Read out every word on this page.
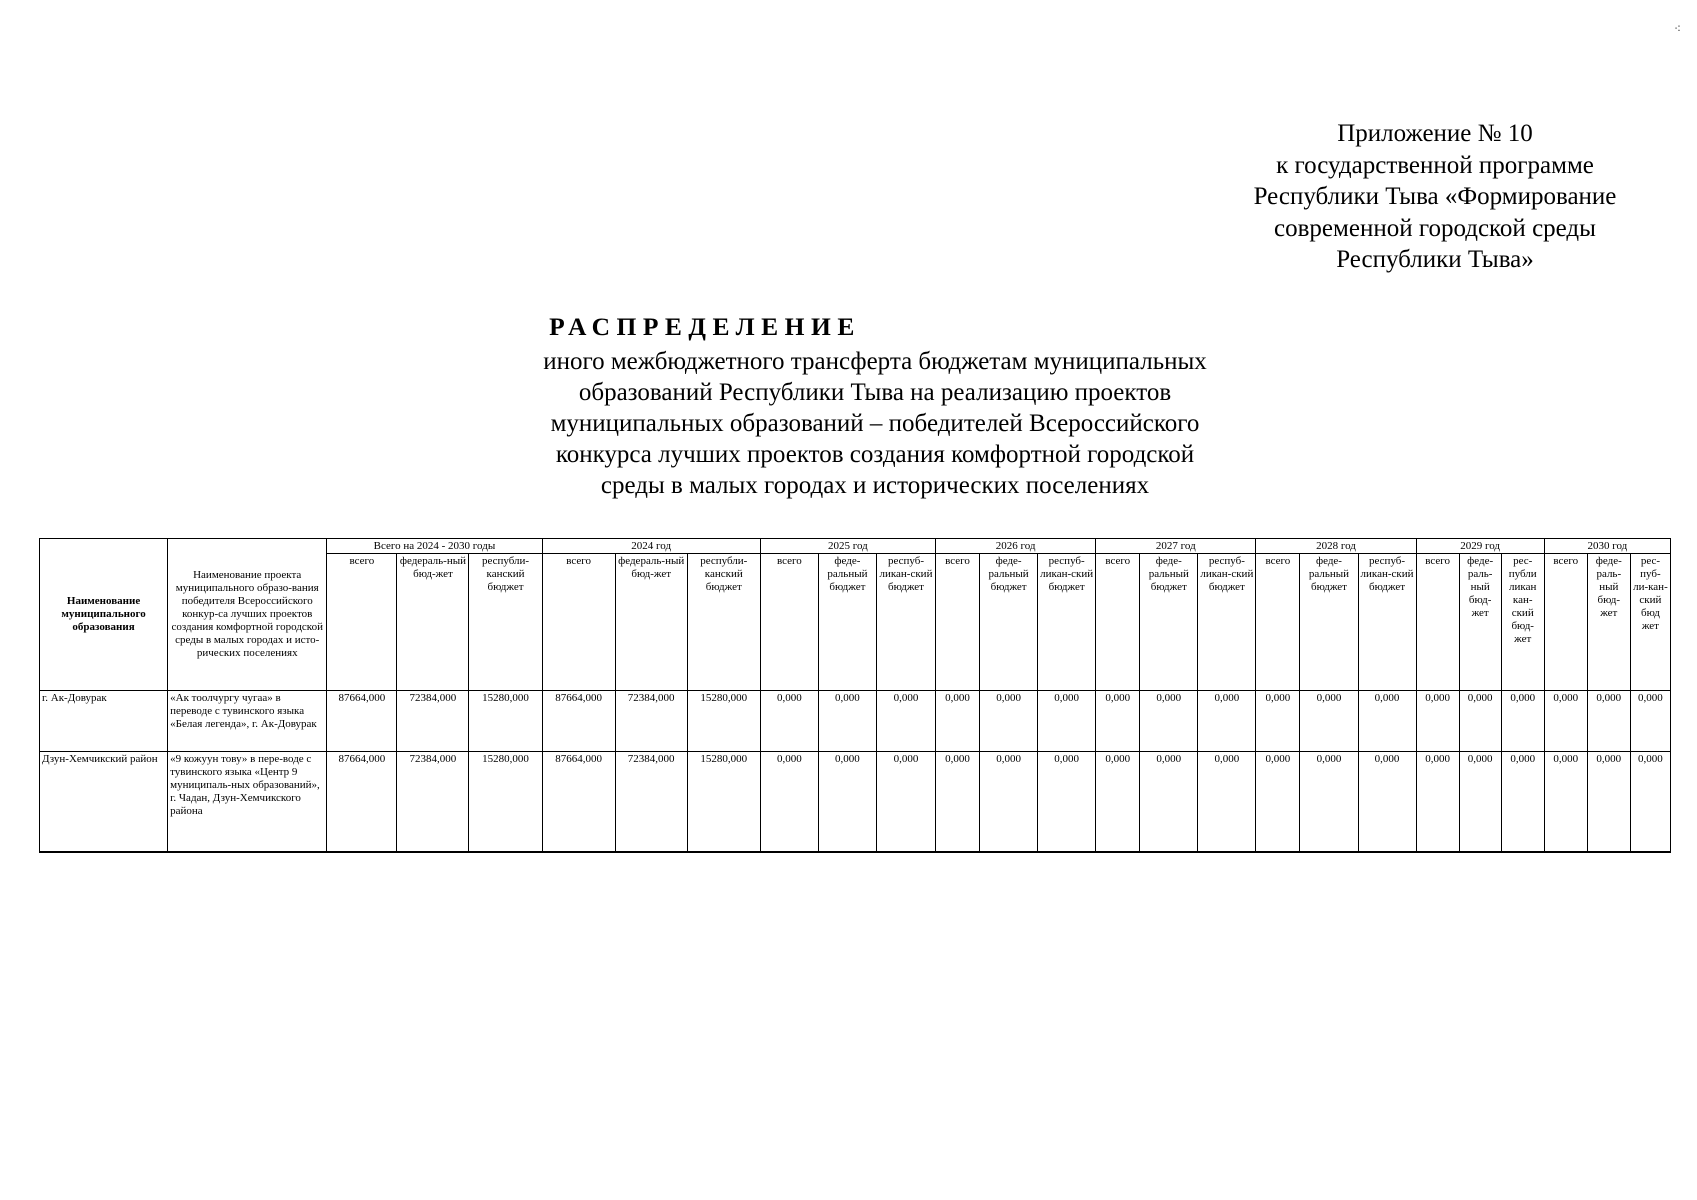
⁖
Приложение № 10
к государственной программе
Республики Тыва «Формирование
современной городской среды
Республики Тыва»
РАСПРЕДЕЛЕНИЕ
иного межбюджетного трансферта бюджетам муниципальных
образований Республики Тыва на реализацию проектов
муниципальных образований – победителей Всероссийского
конкурса лучших проектов создания комфортной городской
среды в малых городах и исторических поселениях
Наименование муниципального образования	Наименование проекта муниципального образо-вания победителя Всероссийского конкур-са лучших проектов создания комфортной городской среды в малых городах и исто-рических поселениях	Всего на 2024 - 2030 годы			2024 год			2025 год			2026 год			2027 год			2028 год			2029 год			2030 год		
		всего	федераль-ный бюд-жет	республи-канский бюджет	всего	федераль-ный бюд-жет	республи-канский бюджет	всего	феде-ральный бюджет	респуб-ликан-ский бюджет	всего	феде-ральный бюджет	респуб-ликан-ский бюджет	всего	феде-ральный бюджет	респуб-ликан-ский бюджет	всего	феде-ральный бюджет	респуб-ликан-ский бюджет	всего	феде-раль-ный бюд-жет	рес-публи ликан кан-ский бюд-жет	всего	феде-раль-ный бюд-жет	рес-пуб-ли-кан-ский бюд жет
г. Ак-Довурак	«Ак тоолчургу чугаа» в переводе с тувинского языка «Белая легенда», г. Ак-Довурак	87664,000	72384,000	15280,000	87664,000	72384,000	15280,000	0,000	0,000	0,000	0,000	0,000	0,000	0,000	0,000	0,000	0,000	0,000	0,000	0,000	0,000	0,000	0,000	0,000	0,000
Дзун-Хемчикский район	«9 кожуун тову» в пере-воде с тувинского языка «Центр 9 муниципаль-ных образований», г. Чадан, Дзун-Хемчикского района	87664,000	72384,000	15280,000	87664,000	72384,000	15280,000	0,000	0,000	0,000	0,000	0,000	0,000	0,000	0,000	0,000	0,000	0,000	0,000	0,000	0,000	0,000	0,000	0,000	0,000
